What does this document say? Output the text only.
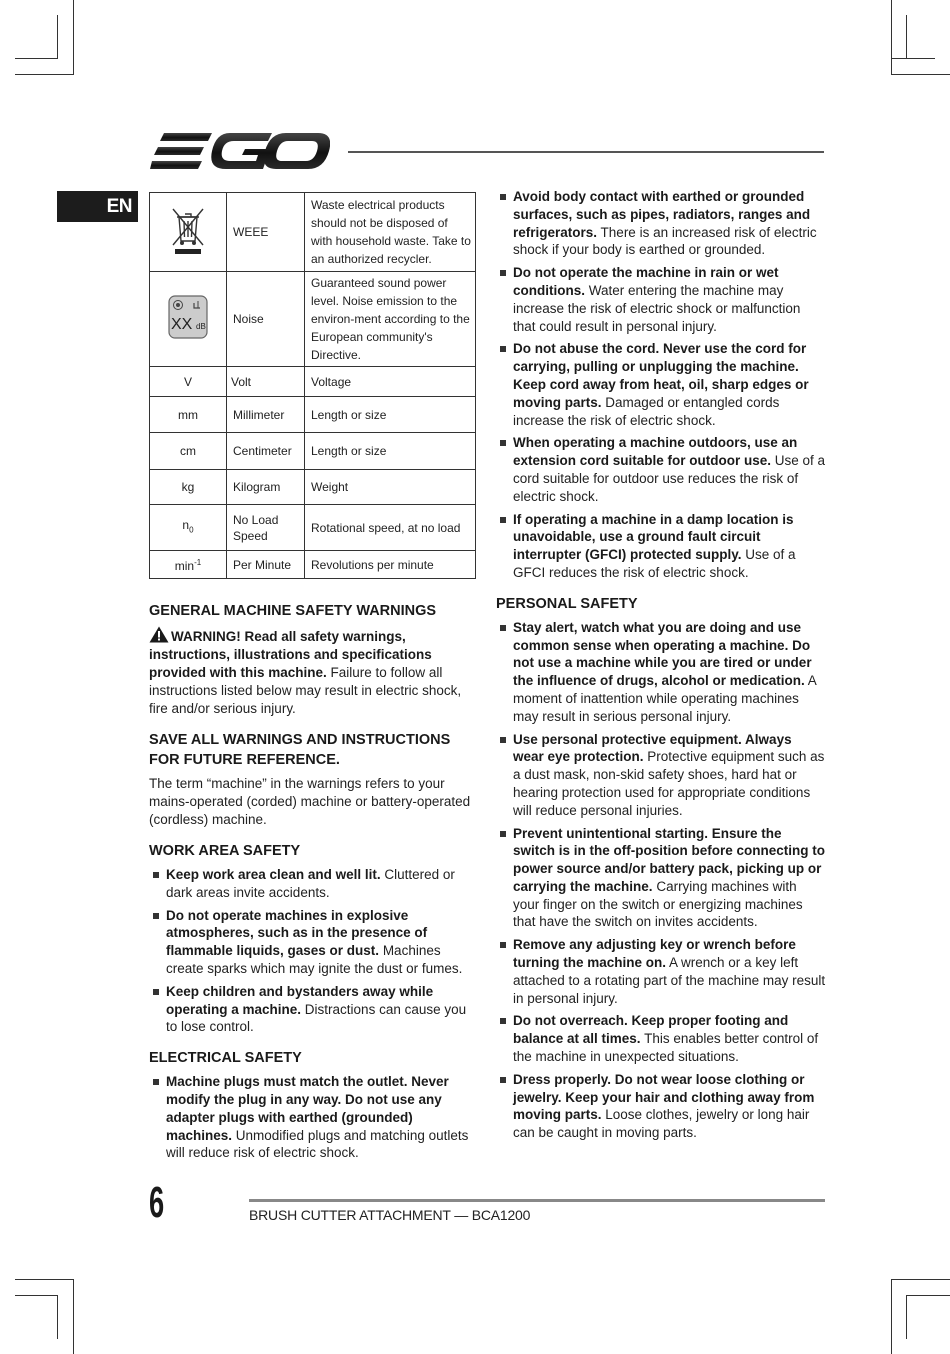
EN
	WEEE	Waste electrical products should not be disposed of with household waste. Take to an authorized recycler.

XX dB	Noise	Guaranteed sound power level. Noise emission to the environ-ment according to the European community's Directive.
V	Volt	Voltage
mm	Millimeter	Length or size
cm	Centimeter	Length or size
kg	Kilogram	Weight
$n_0$	No Load Speed	Rotational speed, at no load
$\min^{-1}$	Per Minute	Revolutions per minute
GENERAL MACHINE SAFETY WARNINGS

WARNING! Read all safety warnings, instructions, illustrations and specifications provided with this machine. Failure to follow all instructions listed below may result in electric shock, fire and/or serious injury.

SAVE ALL WARNINGS AND INSTRUCTIONS FOR FUTURE REFERENCE.

The term “machine” in the warnings refers to your mains-operated (corded) machine or battery-operated (cordless) machine.

WORK AREA SAFETY
Keep work area clean and well lit. Cluttered or dark areas invite accidents.
Do not operate machines in explosive atmospheres, such as in the presence of flammable liquids, gases or dust. Machines create sparks which may ignite the dust or fumes.
Keep children and bystanders away while operating a machine. Distractions can cause you to lose control.
ELECTRICAL SAFETY
Machine plugs must match the outlet. Never modify the plug in any way. Do not use any adapter plugs with earthed (grounded) machines. Unmodified plugs and matching outlets will reduce risk of electric shock.
Avoid body contact with earthed or grounded surfaces, such as pipes, radiators, ranges and refrigerators. There is an increased risk of electric shock if your body is earthed or grounded.
Do not operate the machine in rain or wet conditions. Water entering the machine may increase the risk of electric shock or malfunction that could result in personal injury.
Do not abuse the cord. Never use the cord for carrying, pulling or unplugging the machine. Keep cord away from heat, oil, sharp edges or moving parts. Damaged or entangled cords increase the risk of electric shock.
When operating a machine outdoors, use an extension cord suitable for outdoor use. Use of a cord suitable for outdoor use reduces the risk of electric shock.
If operating a machine in a damp location is unavoidable, use a ground fault circuit interrupter (GFCI) protected supply. Use of a GFCI reduces the risk of electric shock.
PERSONAL SAFETY
Stay alert, watch what you are doing and use common sense when operating a machine. Do not use a machine while you are tired or under the influence of drugs, alcohol or medication. A moment of inattention while operating machines may result in serious personal injury.
Use personal protective equipment. Always wear eye protection. Protective equipment such as a dust mask, non-skid safety shoes, hard hat or hearing protection used for appropriate conditions will reduce personal injuries.
Prevent unintentional starting. Ensure the switch is in the off-position before connecting to power source and/or battery pack, picking up or carrying the machine. Carrying machines with your finger on the switch or energizing machines that have the switch on invites accidents.
Remove any adjusting key or wrench before turning the machine on. A wrench or a key left attached to a rotating part of the machine may result in personal injury.
Do not overreach. Keep proper footing and balance at all times. This enables better control of the machine in unexpected situations.
Dress properly. Do not wear loose clothing or jewelry. Keep your hair and clothing away from moving parts. Loose clothes, jewelry or long hair can be caught in moving parts.
6	BRUSH CUTTER ATTACHMENT — BCA1200
